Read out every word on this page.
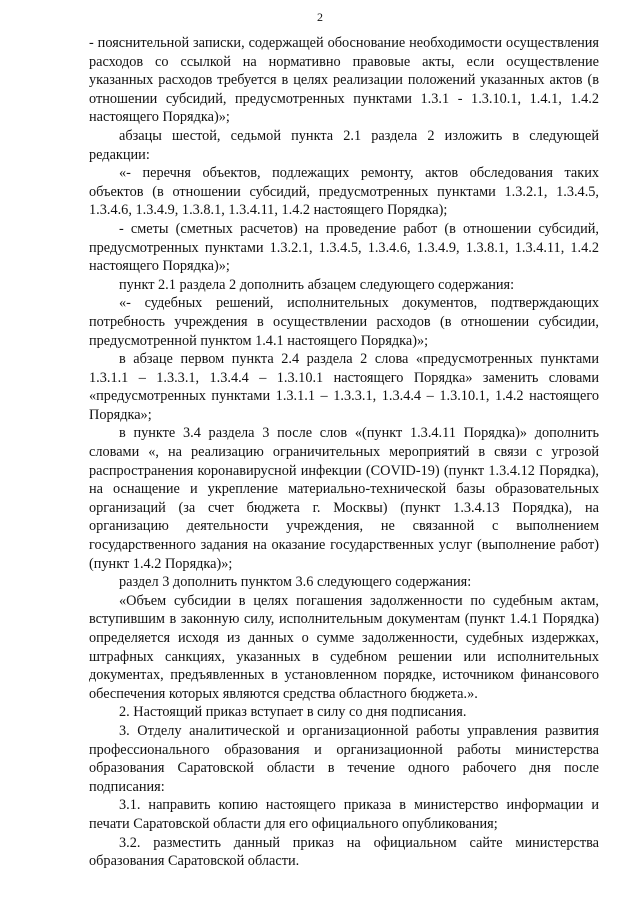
2

- пояснительной записки, содержащей обоснование необходимости осуществления расходов со ссылкой на нормативно правовые акты, если осуществление указанных расходов требуется в целях реализации положений указанных актов (в отношении субсидий, предусмотренных пунктами 1.3.1 - 1.3.10.1, 1.4.1, 1.4.2 настоящего Порядка)»;

абзацы шестой, седьмой пункта 2.1 раздела 2 изложить в следующей редакции:

«- перечня объектов, подлежащих ремонту, актов обследования таких объектов (в отношении субсидий, предусмотренных пунктами 1.3.2.1, 1.3.4.5, 1.3.4.6, 1.3.4.9, 1.3.8.1, 1.3.4.11, 1.4.2 настоящего Порядка);

- сметы (сметных расчетов) на проведение работ (в отношении субсидий, предусмотренных пунктами 1.3.2.1, 1.3.4.5, 1.3.4.6, 1.3.4.9, 1.3.8.1, 1.3.4.11, 1.4.2 настоящего Порядка)»;

пункт 2.1 раздела 2 дополнить абзацем следующего содержания:

«- судебных решений, исполнительных документов, подтверждающих потребность учреждения в осуществлении расходов (в отношении субсидии, предусмотренной пунктом 1.4.1 настоящего Порядка)»;

в абзаце первом пункта 2.4 раздела 2 слова «предусмотренных пунктами 1.3.1.1 – 1.3.3.1, 1.3.4.4 – 1.3.10.1 настоящего Порядка» заменить словами «предусмотренных пунктами 1.3.1.1 – 1.3.3.1, 1.3.4.4 – 1.3.10.1, 1.4.2 настоящего Порядка»;

в пункте 3.4 раздела 3 после слов «(пункт 1.3.4.11 Порядка)» дополнить словами «, на реализацию ограничительных мероприятий в связи с угрозой распространения коронавирусной инфекции (COVID-19) (пункт 1.3.4.12 Порядка), на оснащение и укрепление материально-технической базы образовательных организаций (за счет бюджета г. Москвы) (пункт 1.3.4.13 Порядка), на организацию деятельности учреждения, не связанной с выполнением государственного задания на оказание государственных услуг (выполнение работ) (пункт 1.4.2 Порядка)»;

раздел 3 дополнить пунктом 3.6 следующего содержания:

«Объем субсидии в целях погашения задолженности по судебным актам, вступившим в законную силу, исполнительным документам (пункт 1.4.1 Порядка) определяется исходя из данных о сумме задолженности, судебных издержках, штрафных санкциях, указанных в судебном решении или исполнительных документах, предъявленных в установленном порядке, источником финансового обеспечения которых являются средства областного бюджета.».

2. Настоящий приказ вступает в силу со дня подписания.

3. Отделу аналитической и организационной работы управления развития профессионального образования и организационной работы министерства образования Саратовской области в течение одного рабочего дня после подписания:

3.1. направить копию настоящего приказа в министерство информации и печати Саратовской области для его официального опубликования;

3.2. разместить данный приказ на официальном сайте министерства образования Саратовской области.
